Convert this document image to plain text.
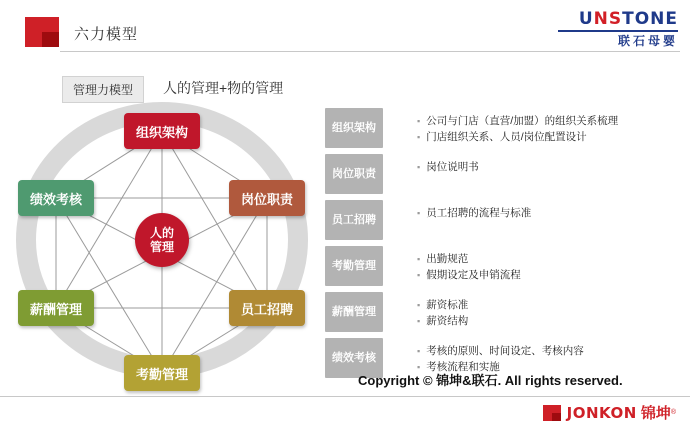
六力模型
UNSTONE
联石母婴
管理力模型	人的管理+物的管理
人的
管理
组织架构
岗位职责
员工招聘
考勤管理
薪酬管理
绩效考核
组织架构
▪ 公司与门店（直营/加盟）的组织关系梳理
▪ 门店组织关系、人员/岗位配置设计
岗位职责
▪ 岗位说明书
员工招聘
▪ 员工招聘的流程与标准
考勤管理
▪ 出勤规范
▪ 假期设定及申销流程
薪酬管理
▪ 薪资标准
▪ 薪资结构
绩效考核
▪ 考核的原则、时间设定、考核内容
▪ 考核流程和实施
Copyright © 锦坤&联石. All rights reserved.
JONKON 锦坤 ®
